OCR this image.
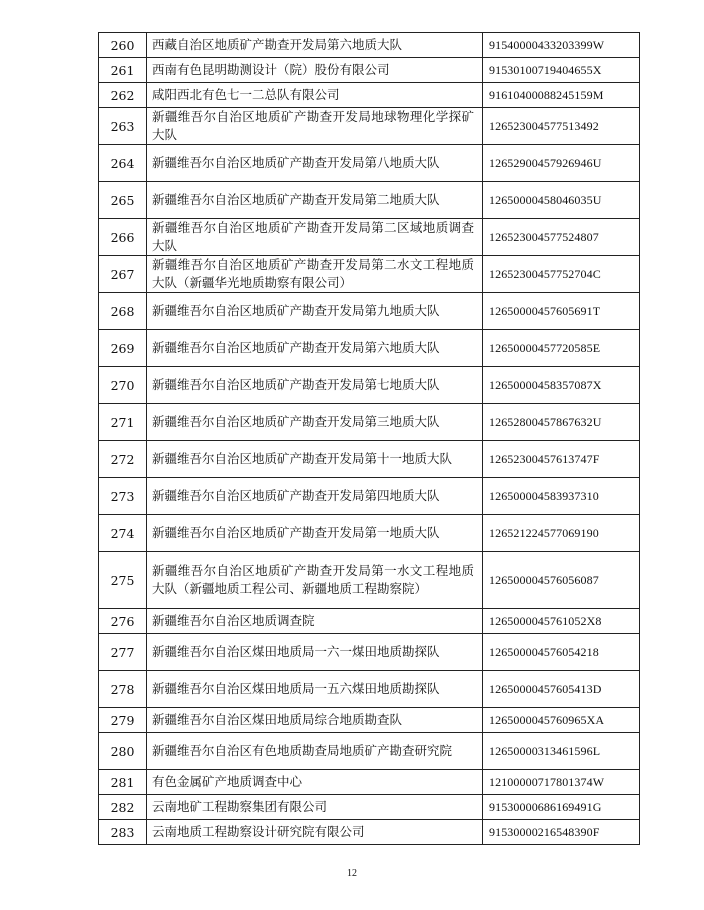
260	西藏自治区地质矿产勘查开发局第六地质大队	91540000433203399W
261	西南有色昆明勘测设计（院）股份有限公司	91530100719404655X
262	咸阳西北有色七一二总队有限公司	91610400088245159M
263	新疆维吾尔自治区地质矿产勘查开发局地球物理化学探矿大队	126523004577513492
264	新疆维吾尔自治区地质矿产勘查开发局第八地质大队	12652900457926946U
265	新疆维吾尔自治区地质矿产勘查开发局第二地质大队	12650000458046035U
266	新疆维吾尔自治区地质矿产勘查开发局第二区域地质调查大队	126523004577524807
267	新疆维吾尔自治区地质矿产勘查开发局第二水文工程地质大队（新疆华光地质勘察有限公司）	12652300457752704C
268	新疆维吾尔自治区地质矿产勘查开发局第九地质大队	12650000457605691T
269	新疆维吾尔自治区地质矿产勘查开发局第六地质大队	12650000457720585E
270	新疆维吾尔自治区地质矿产勘查开发局第七地质大队	12650000458357087X
271	新疆维吾尔自治区地质矿产勘查开发局第三地质大队	12652800457867632U
272	新疆维吾尔自治区地质矿产勘查开发局第十一地质大队	12652300457613747F
273	新疆维吾尔自治区地质矿产勘查开发局第四地质大队	126500004583937310
274	新疆维吾尔自治区地质矿产勘查开发局第一地质大队	126521224577069190
275	新疆维吾尔自治区地质矿产勘查开发局第一水文工程地质大队（新疆地质工程公司、新疆地质工程勘察院）	126500004576056087
276	新疆维吾尔自治区地质调查院	1265000045761052X8
277	新疆维吾尔自治区煤田地质局一六一煤田地质勘探队	126500004576054218
278	新疆维吾尔自治区煤田地质局一五六煤田地质勘探队	12650000457605413D
279	新疆维吾尔自治区煤田地质局综合地质勘查队	1265000045760965XA
280	新疆维吾尔自治区有色地质勘查局地质矿产勘查研究院	12650000313461596L
281	有色金属矿产地质调查中心	12100000717801374W
282	云南地矿工程勘察集团有限公司	91530000686169491G
283	云南地质工程勘察设计研究院有限公司	91530000216548390F
12
